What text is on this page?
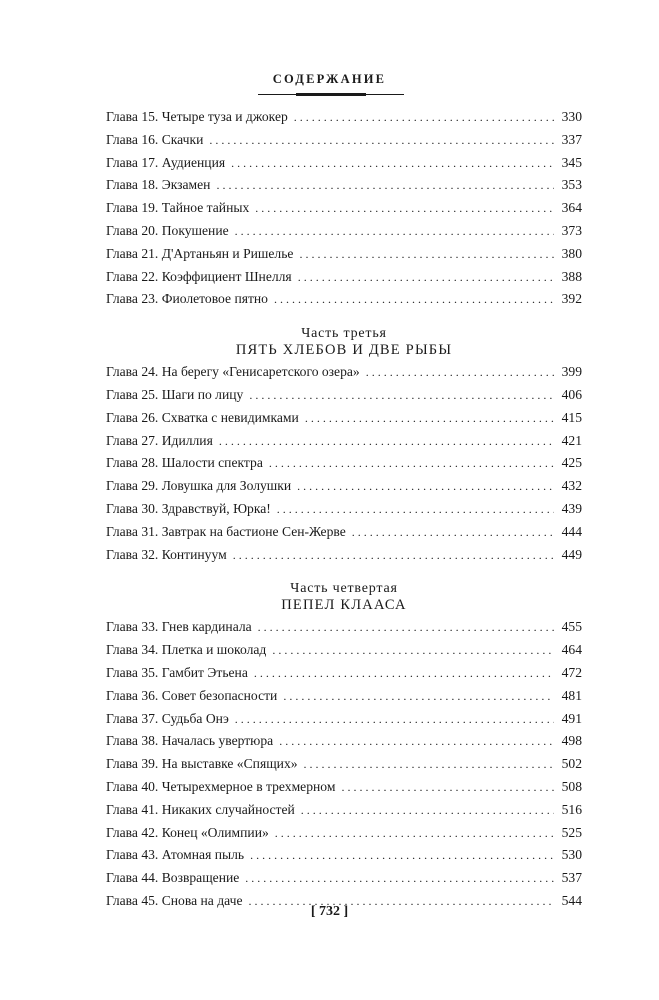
СОДЕРЖАНИЕ
Глава 15. Четыре туза и джокер . . .	330
Глава 16. Скачки . . .	337
Глава 17. Аудиенция . . .	345
Глава 18. Экзамен . . .	353
Глава 19. Тайное тайных . . .	364
Глава 20. Покушение . . .	373
Глава 21. Д'Артаньян и Ришелье . . .	380
Глава 22. Коэффициент Шнелля . . .	388
Глава 23. Фиолетовое пятно . . .	392
Часть третья
ПЯТЬ ХЛЕБОВ И ДВЕ РЫБЫ
Глава 24. На берегу «Генисаретского озера» . . .	399
Глава 25. Шаги по лицу . . .	406
Глава 26. Схватка с невидимками . . .	415
Глава 27. Идиллия . . .	421
Глава 28. Шалости спектра . . .	425
Глава 29. Ловушка для Золушки . . .	432
Глава 30. Здравствуй, Юрка! . . .	439
Глава 31. Завтрак на бастионе Сен-Жерве . . .	444
Глава 32. Континуум . . .	449
Часть четвертая
ПЕПЕЛ КЛААСА
Глава 33. Гнев кардинала . . .	455
Глава 34. Плетка и шоколад . . .	464
Глава 35. Гамбит Этьена . . .	472
Глава 36. Совет безопасности . . .	481
Глава 37. Судьба Онэ . . .	491
Глава 38. Началась увертюра . . .	498
Глава 39. На выставке «Спящих» . . .	502
Глава 40. Четырехмерное в трехмерном . . .	508
Глава 41. Никаких случайностей . . .	516
Глава 42. Конец «Олимпии» . . .	525
Глава 43. Атомная пыль . . .	530
Глава 44. Возвращение . . .	537
Глава 45. Снова на даче . . .	544
[ 732 ]
